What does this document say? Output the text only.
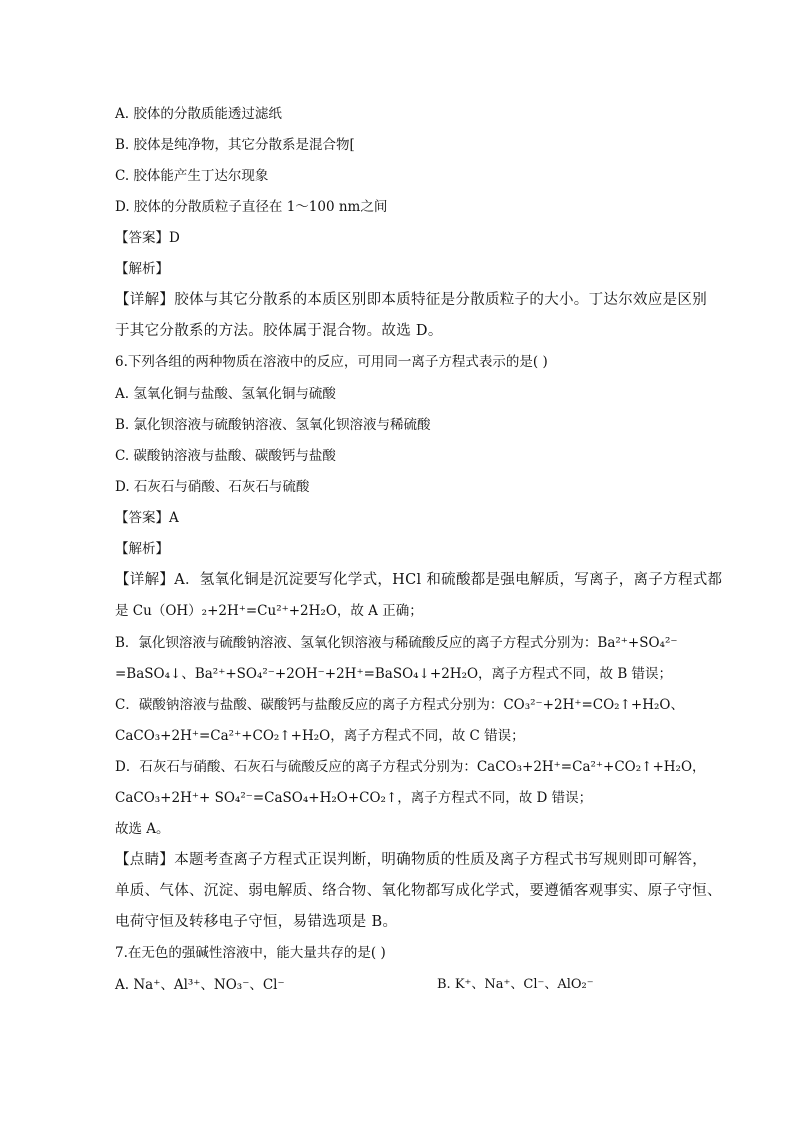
A. 胶体的分散质能透过滤纸
B. 胶体是纯净物，其它分散系是混合物[
C. 胶体能产生丁达尔现象
D. 胶体的分散质粒子直径在 1～100 nm之间
【答案】D
【解析】
【详解】胶体与其它分散系的本质区别即本质特征是分散质粒子的大小。丁达尔效应是区别
于其它分散系的方法。胶体属于混合物。故选 D。
6.下列各组的两种物质在溶液中的反应，可用同一离子方程式表示的是( )
A. 氢氧化铜与盐酸、氢氧化铜与硫酸
B. 氯化钡溶液与硫酸钠溶液、氢氧化钡溶液与稀硫酸
C. 碳酸钠溶液与盐酸、碳酸钙与盐酸
D. 石灰石与硝酸、石灰石与硫酸
【答案】A
【解析】
【详解】A．氢氧化铜是沉淀要写化学式，HCl 和硫酸都是强电解质，写离子，离子方程式都
是 Cu（OH）₂+2H⁺=Cu²⁺+2H₂O，故 A 正确；
B．氯化钡溶液与硫酸钠溶液、氢氧化钡溶液与稀硫酸反应的离子方程式分别为：Ba²⁺+SO₄²⁻
=BaSO₄↓、Ba²⁺+SO₄²⁻+2OH⁻+2H⁺=BaSO₄↓+2H₂O，离子方程式不同，故 B 错误；
C．碳酸钠溶液与盐酸、碳酸钙与盐酸反应的离子方程式分别为：CO₃²⁻+2H⁺=CO₂↑+H₂O、
CaCO₃+2H⁺=Ca²⁺+CO₂↑+H₂O，离子方程式不同，故 C 错误；
D．石灰石与硝酸、石灰石与硫酸反应的离子方程式分别为：CaCO₃+2H⁺=Ca²⁺+CO₂↑+H₂O，
CaCO₃+2H⁺+ SO₄²⁻=CaSO₄+H₂O+CO₂↑，离子方程式不同，故 D 错误；
故选 A。
【点睛】本题考查离子方程式正误判断，明确物质的性质及离子方程式书写规则即可解答，
单质、气体、沉淀、弱电解质、络合物、氧化物都写成化学式，要遵循客观事实、原子守恒、
电荷守恒及转移电子守恒，易错选项是 B。
7.在无色的强碱性溶液中，能大量共存的是( )
A. Na⁺、Al³⁺、NO₃⁻、Cl⁻	B. K⁺、Na⁺、Cl⁻、AlO₂⁻
